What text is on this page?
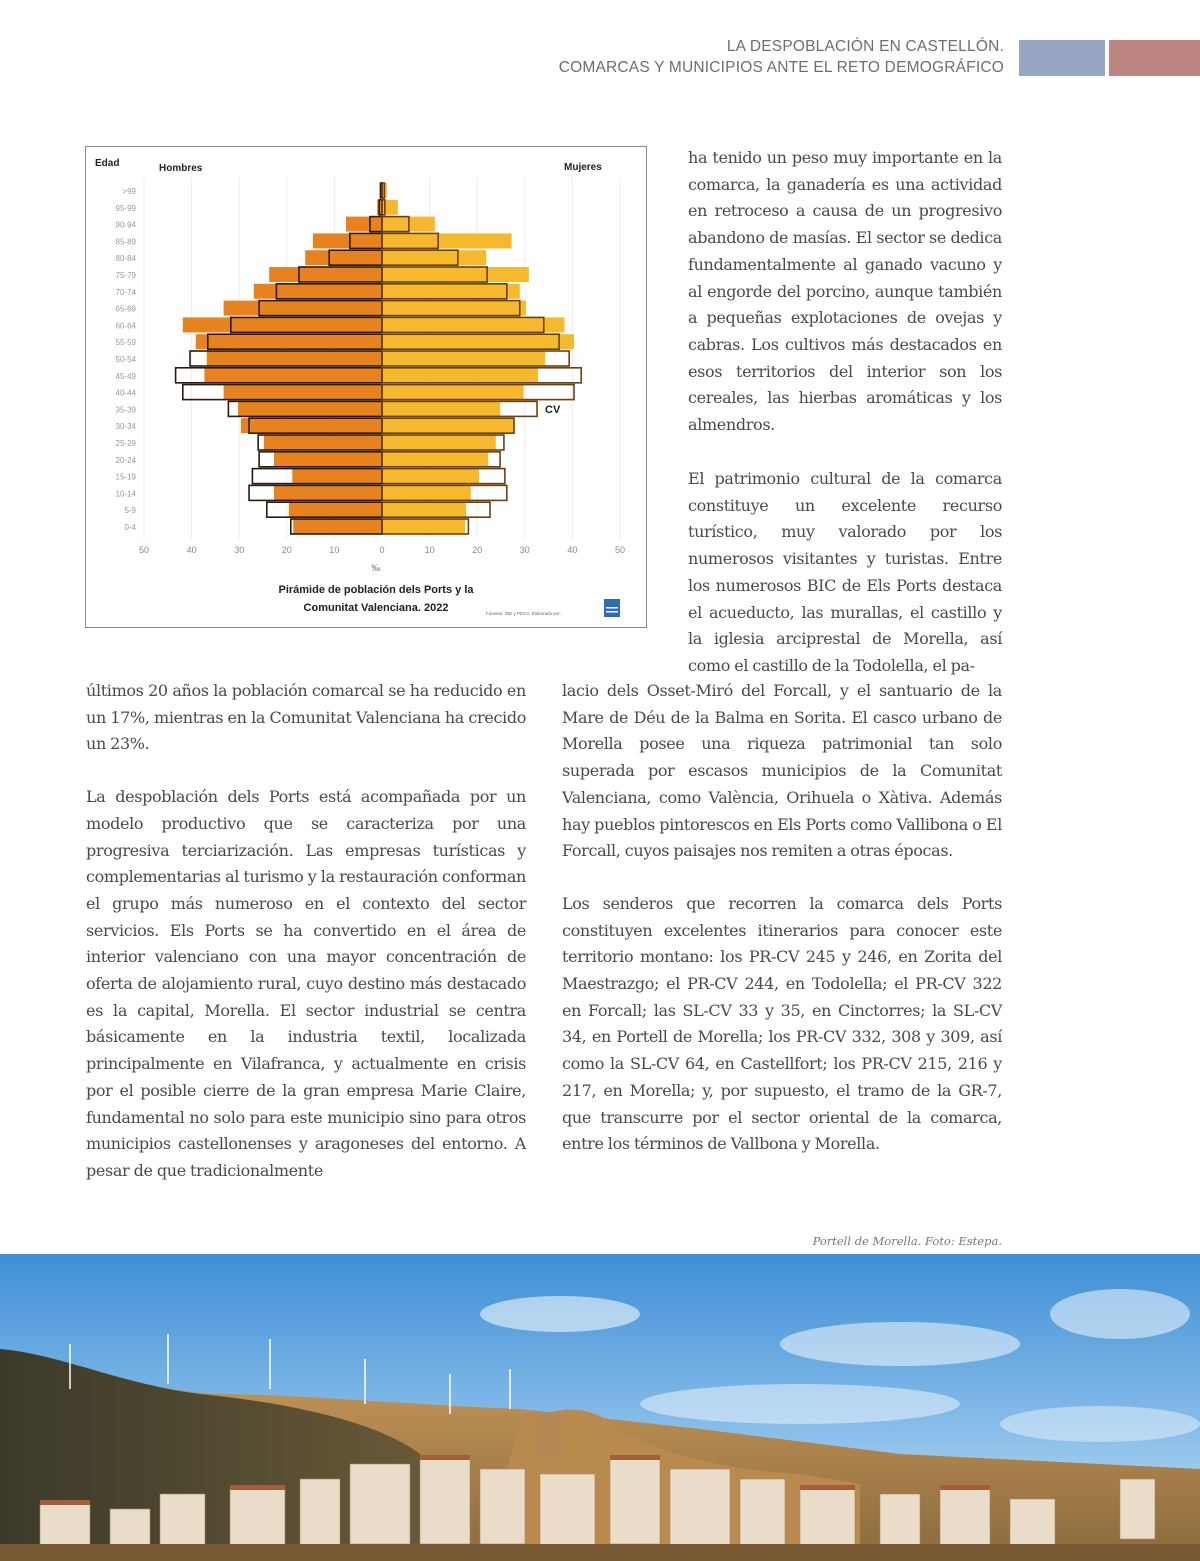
LA DESPOBLACIÓN EN CASTELLÓN.
COMARCAS Y MUNICIPIOS ANTE EL RETO DEMOGRÁFICO
50	40	30	20	10	0	10	20	30	40	50
>99
95-99
90-94
85-89
80-84
75-79
70-74
65-69
60-64
55-59
50-54
45-49
40-44
35-39
30-34
25-29
20-24
15-19
10-14
5-9
0-4
Edad	Hombres	Mujeres
CV
‰
Pirámide de población dels Ports y la
Comunitat Valenciana. 2022	Fuentes: INE y PEGV. Elaborado por:

ha tenido un peso muy importante en la comarca, la ganadería es una actividad en retroceso a causa de un progresivo abandono de masías. El sector se dedica fundamentalmente al ganado vacuno y al engorde del porcino, aunque también a pequeñas explotaciones de ovejas y cabras. Los cultivos más destacados en esos territorios del interior son los cereales, las hierbas aromáticas y los almendros.

El patrimonio cultural de la comarca constituye un excelente recurso turístico, muy valorado por los numerosos visitantes y turistas. Entre los numerosos BIC de Els Ports destaca el acueducto, las murallas, el castillo y la iglesia arciprestal de Morella, así como el castillo de la Todolella, el pa-

últimos 20 años la población comarcal se ha reducido en un 17%, mientras en la Comunitat Valenciana ha crecido un 23%.

La despoblación dels Ports está acompañada por un modelo productivo que se caracteriza por una progresiva terciarización. Las empresas turísticas y complementarias al turismo y la restauración conforman el grupo más numeroso en el contexto del sector servicios. Els Ports se ha convertido en el área de interior valenciano con una mayor concentración de oferta de alojamiento rural, cuyo destino más destacado es la capital, Morella. El sector industrial se centra básicamente en la industria textil, localizada principalmente en Vilafranca, y actualmente en crisis por el posible cierre de la gran empresa Marie Claire, fundamental no solo para este municipio sino para otros municipios castellonenses y aragoneses del entorno. A pesar de que tradicionalmente

lacio dels Osset-Miró del Forcall, y el santuario de la Mare de Déu de la Balma en Sorita. El casco urbano de Morella posee una riqueza patrimonial tan solo superada por escasos municipios de la Comunitat Valenciana, como València, Orihuela o Xàtiva. Además hay pueblos pintorescos en Els Ports como Vallibona o El Forcall, cuyos paisajes nos remiten a otras épocas.

Los senderos que recorren la comarca dels Ports constituyen excelentes itinerarios para conocer este territorio montano: los PR-CV 245 y 246, en Zorita del Maestrazgo; el PR-CV 244, en Todolella; el PR-CV 322 en Forcall; las SL-CV 33 y 35, en Cinctorres; la SL-CV 34, en Portell de Morella; los PR-CV 332, 308 y 309, así como la SL-CV 64, en Castellfort; los PR-CV 215, 216 y 217, en Morella; y, por supuesto, el tramo de la GR-7, que transcurre por el sector oriental de la comarca, entre los términos de Vallbona y Morella.

Portell de Morella. Foto: Estepa.
